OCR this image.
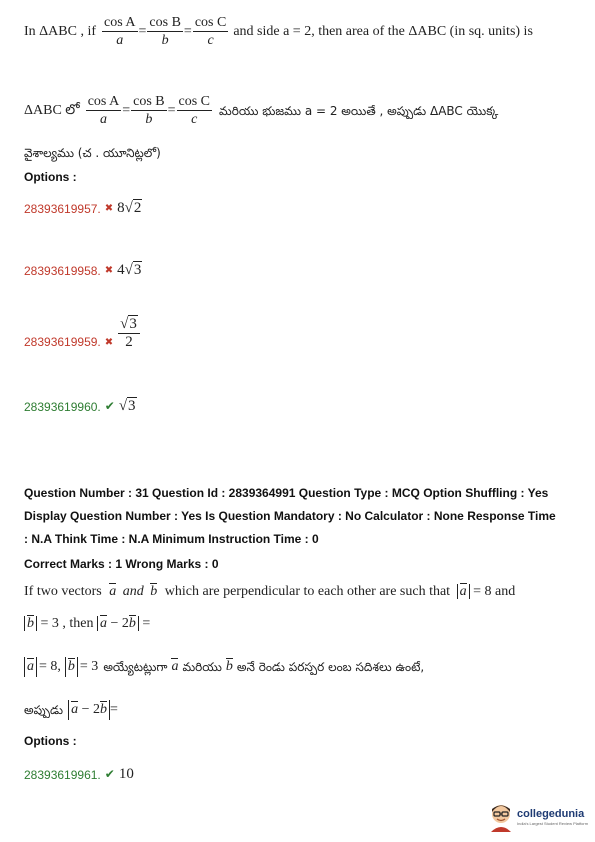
In ΔABC , if $\frac{\text{cos A}}{a} = \frac{\text{cos B}}{b} = \frac{\text{cos C}}{c}$ and side a = 2, then area of the ΔABC (in sq. units) is
ΔABC లో $\frac{\text{cos A}}{a} = \frac{\text{cos B}}{b} = \frac{\text{cos C}}{c}$ మరియు భుజము a = 2 అయితే , అప్పుడు ΔABC యొక్క
వైశాల్యము (చ . యూనిట్లలో)
Options :
28393619957. ✖ 8√2
28393619958. ✖ 4√3
28393619959. ✖ $\frac{√3}{2}$
28393619960. ✔ √3
Question Number : 31 Question Id : 2839364991 Question Type : MCQ Option Shuffling : Yes
Display Question Number : Yes Is Question Mandatory : No Calculator : None Response Time
: N.A Think Time : N.A Minimum Instruction Time : 0
Correct Marks : 1 Wrong Marks : 0
If two vectors a and b which are perpendicular to each other are such that a = 8 and
b = 3 , then a − 2b =
a = 8, b = 3 అయ్యేటట్లుగా a మరియు b అనే రెండు పరస్పర లంబ సదిశలు ఉంటే,
అప్పుడు a − 2b =
Options :
28393619961. ✔ 10
collegedunia
India's Largest Student Review Platform
